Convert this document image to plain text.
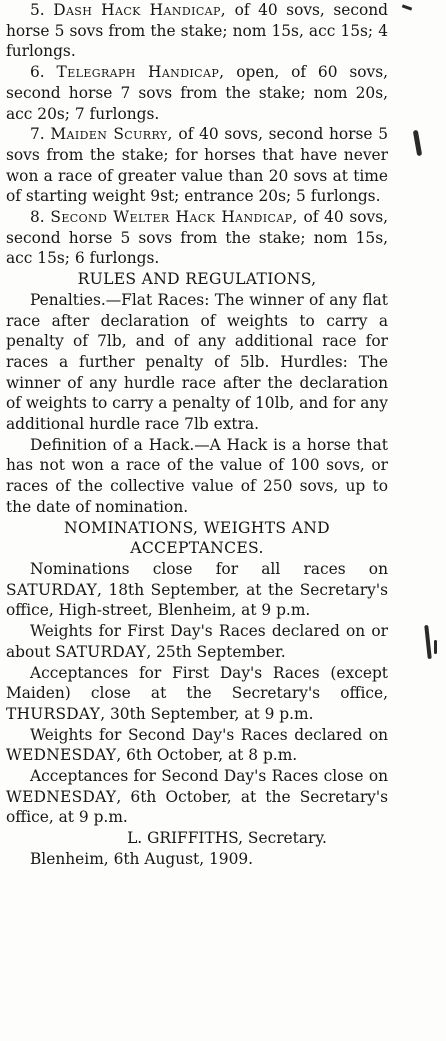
5. Dash Hack Handicap, of 40 sovs, second horse 5 sovs from the stake; nom 15s, acc 15s; 4 furlongs.

6. Telegraph Handicap, open, of 60 sovs, second horse 7 sovs from the stake; nom 20s, acc 20s; 7 furlongs.

7. Maiden Scurry, of 40 sovs, second horse 5 sovs from the stake; for horses that have never won a race of greater value than 20 sovs at time of starting weight 9st; entrance 20s; 5 furlongs.

8. Second Welter Hack Handicap, of 40 sovs, second horse 5 sovs from the stake; nom 15s, acc 15s; 6 furlongs.

RULES AND REGULATIONS,

Penalties.—Flat Races: The winner of any flat race after declaration of weights to carry a penalty of 7lb, and of any additional race for races a further penalty of 5lb. Hurdles: The winner of any hurdle race after the declaration of weights to carry a penalty of 10lb, and for any additional hurdle race 7lb extra.

Definition of a Hack.—A Hack is a horse that has not won a race of the value of 100 sovs, or races of the collective value of 250 sovs, up to the date of nomination.

NOMINATIONS, WEIGHTS AND
ACCEPTANCES.

Nominations close for all races on SATURDAY, 18th September, at the Secretary's office, High-street, Blenheim, at 9 p.m.

Weights for First Day's Races declared on or about SATURDAY, 25th September.

Acceptances for First Day's Races (except Maiden) close at the Secretary's office, THURSDAY, 30th September, at 9 p.m.

Weights for Second Day's Races declared on WEDNESDAY, 6th October, at 8 p.m.

Acceptances for Second Day's Races close on WEDNESDAY, 6th October, at the Secretary's office, at 9 p.m.

L. GRIFFITHS, Secretary.

Blenheim, 6th August, 1909.
